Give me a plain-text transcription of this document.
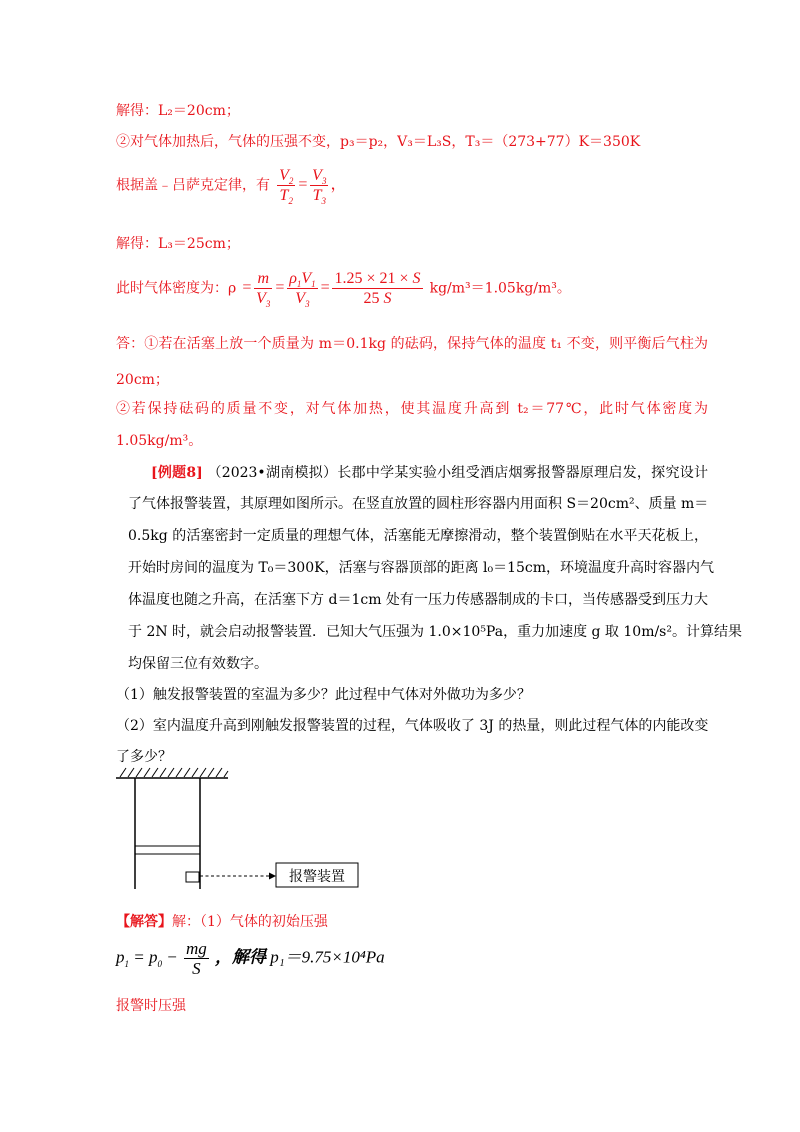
解得：L₂＝20cm；
②对气体加热后，气体的压强不变，p₃＝p₂，V₃＝L₃S，T₃＝（273+77）K＝350K
根据盖﹣吕萨克定律，有 $\frac{V_2}{T_2} = \frac{V_3}{T_3}$ ，
解得：L₃＝25cm；
此时气体密度为：$\rho = \frac{m}{V_3} = \frac{\rho_1V_1}{V_3} = \frac{1.25 \times 21 \times S}{25 S} kg/m^3=1.05kg/m^3$。
答：①若在活塞上放一个质量为 m＝0.1kg 的砝码，保持气体的温度 t₁ 不变，则平衡后气柱为
20cm；
②若保持砝码的质量不变，对气体加热，使其温度升高到 t₂＝77℃，此时气体密度为
1.05kg/m³。
[例题8] （2023•湖南模拟）长郡中学某实验小组受酒店烟雾报警器原理启发，探究设计
了气体报警装置，其原理如图所示。在竖直放置的圆柱形容器内用面积 S＝20cm²、质量 m＝
0.5kg 的活塞密封一定质量的理想气体，活塞能无摩擦滑动，整个装置倒贴在水平天花板上，
开始时房间的温度为 T₀＝300K，活塞与容器顶部的距离 l₀＝15cm，环境温度升高时容器内气
体温度也随之升高，在活塞下方 d＝1cm 处有一压力传感器制成的卡口，当传感器受到压力大
于 2N 时，就会启动报警装置．已知大气压强为 1.0×10⁵Pa，重力加速度 g 取 10m/s²。计算结果
均保留三位有效数字。
（1）触发报警装置的室温为多少？此过程中气体对外做功为多少？
（2）室内温度升高到刚触发报警装置的过程，气体吸收了 3J 的热量，则此过程气体的内能改变
了多少？
报警装置
【解答】解：（1）气体的初始压强
$p_1 = p_0 - \frac{mg}{S}$ ，解得 p₁＝9.75×10⁴Pa
报警时压强
